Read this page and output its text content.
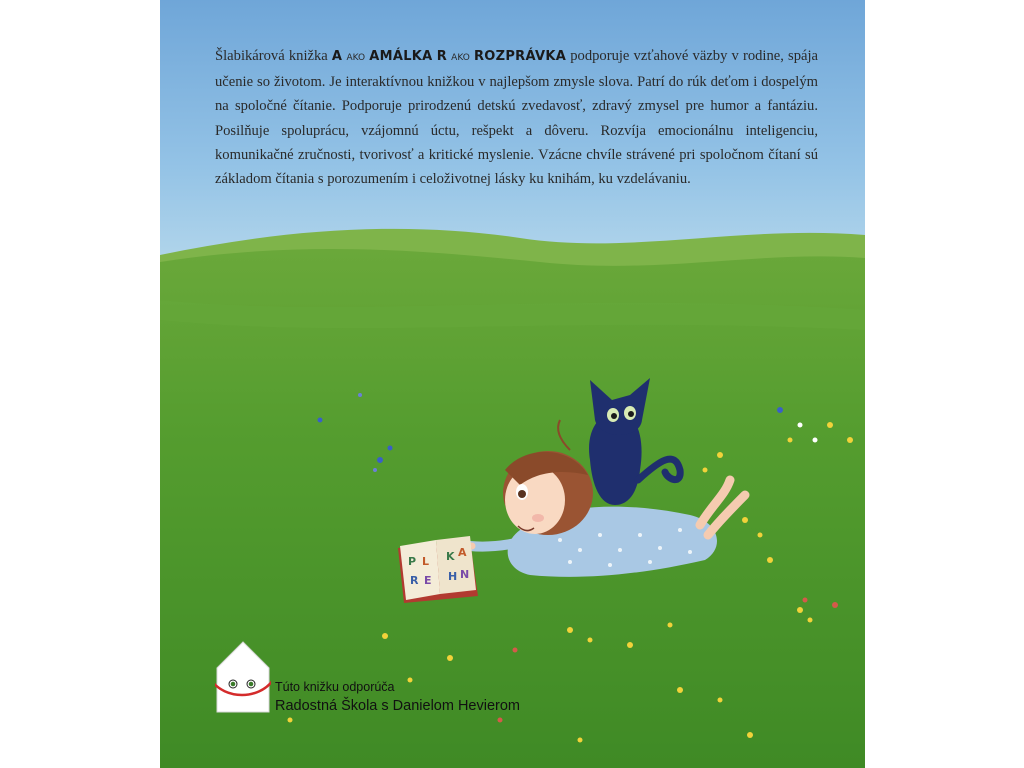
P L
R E
K A
H N
Šlabikárová knižka A AKO AMÁLKA R AKO ROZPRÁVKA podporuje vzťahové väzby v rodine, spája učenie so životom. Je interaktívnou knižkou v najlepšom zmysle slova. Patrí do rúk deťom i dospelým na spoločné čítanie. Podporuje prirodzenú detskú zvedavosť, zdravý zmysel pre humor a fantáziu. Posilňuje spoluprácu, vzájomnú úctu, rešpekt a dôveru. Rozvíja emocionálnu inteligenciu, komunikačné zručnosti, tvorivosť a kritické myslenie. Vzácne chvíle strávené pri spoločnom čítaní sú základom čítania s porozumením i celoživotnej lásky ku knihám, ku vzdelávaniu.
Túto knižku odporúča
Radostná Škola s Danielom Hevierom
